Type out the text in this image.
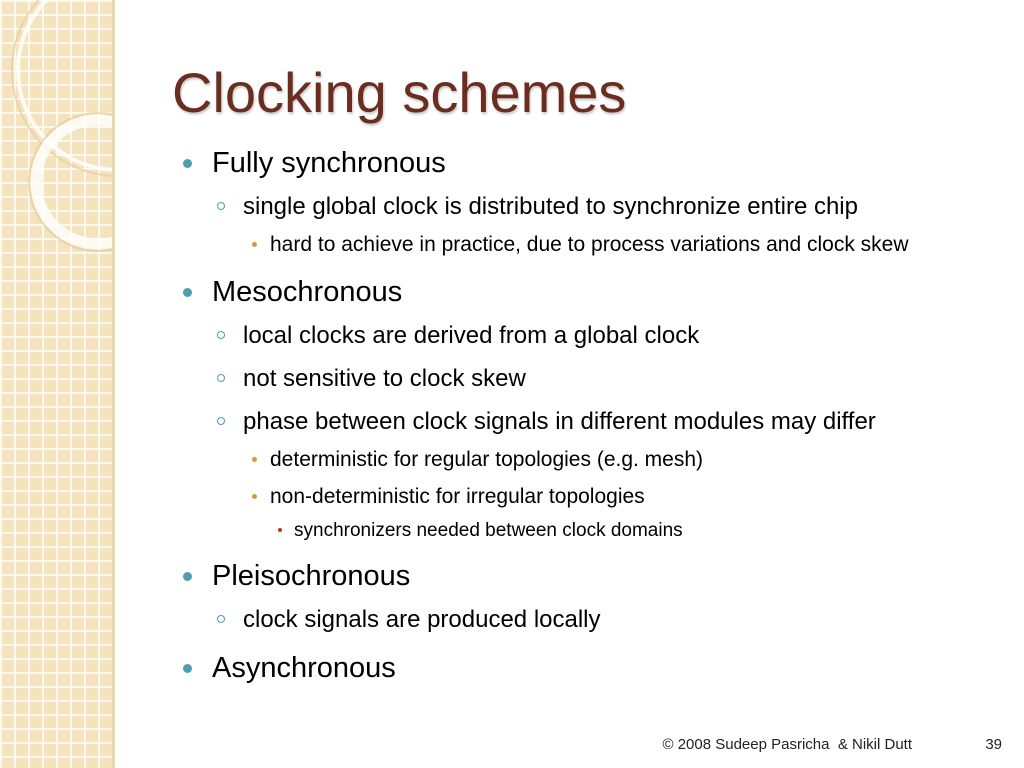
Clocking schemes
Fully synchronous
single global clock is distributed to synchronize entire chip
hard to achieve in practice, due to process variations and clock skew
Mesochronous
local clocks are derived from a global clock
not sensitive to clock skew
phase between clock signals in different modules may differ
deterministic for regular topologies (e.g. mesh)
non-deterministic for irregular topologies
synchronizers needed between clock domains
Pleisochronous
clock signals are produced locally
Asynchronous
© 2008 Sudeep Pasricha  & Nikil Dutt	39
